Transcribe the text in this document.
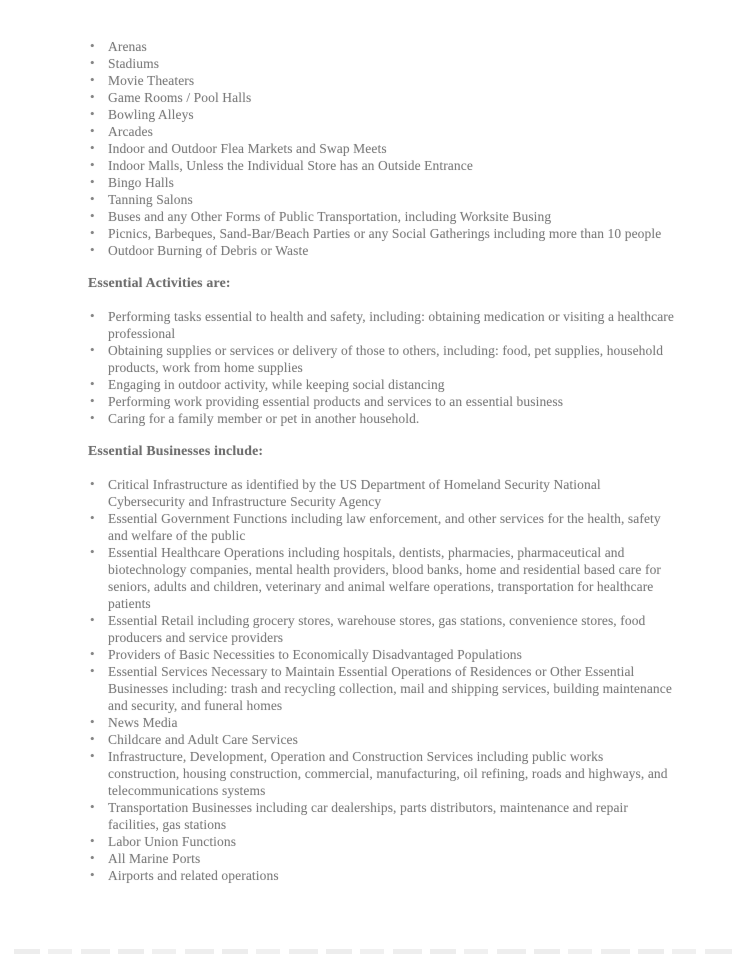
• Arenas
• Stadiums
• Movie Theaters
• Game Rooms / Pool Halls
• Bowling Alleys
• Arcades
• Indoor and Outdoor Flea Markets and Swap Meets
• Indoor Malls, Unless the Individual Store has an Outside Entrance
• Bingo Halls
• Tanning Salons
• Buses and any Other Forms of Public Transportation, including Worksite Busing
• Picnics, Barbeques, Sand-Bar/Beach Parties or any Social Gatherings including more than 10 people
• Outdoor Burning of Debris or Waste
Essential Activities are:
• Performing tasks essential to health and safety, including: obtaining medication or visiting a healthcare professional
• Obtaining supplies or services or delivery of those to others, including: food, pet supplies, household products, work from home supplies
• Engaging in outdoor activity, while keeping social distancing
• Performing work providing essential products and services to an essential business
• Caring for a family member or pet in another household.
Essential Businesses include:
• Critical Infrastructure as identified by the US Department of Homeland Security National Cybersecurity and Infrastructure Security Agency
• Essential Government Functions including law enforcement, and other services for the health, safety and welfare of the public
• Essential Healthcare Operations including hospitals, dentists, pharmacies, pharmaceutical and biotechnology companies, mental health providers, blood banks, home and residential based care for seniors, adults and children, veterinary and animal welfare operations, transportation for healthcare patients
• Essential Retail including grocery stores, warehouse stores, gas stations, convenience stores, food producers and service providers
• Providers of Basic Necessities to Economically Disadvantaged Populations
• Essential Services Necessary to Maintain Essential Operations of Residences or Other Essential Businesses including: trash and recycling collection, mail and shipping services, building maintenance and security, and funeral homes
• News Media
• Childcare and Adult Care Services
• Infrastructure, Development, Operation and Construction Services including public works construction, housing construction, commercial, manufacturing, oil refining, roads and highways, and telecommunications systems
• Transportation Businesses including car dealerships, parts distributors, maintenance and repair facilities, gas stations
• Labor Union Functions
• All Marine Ports
• Airports and related operations
